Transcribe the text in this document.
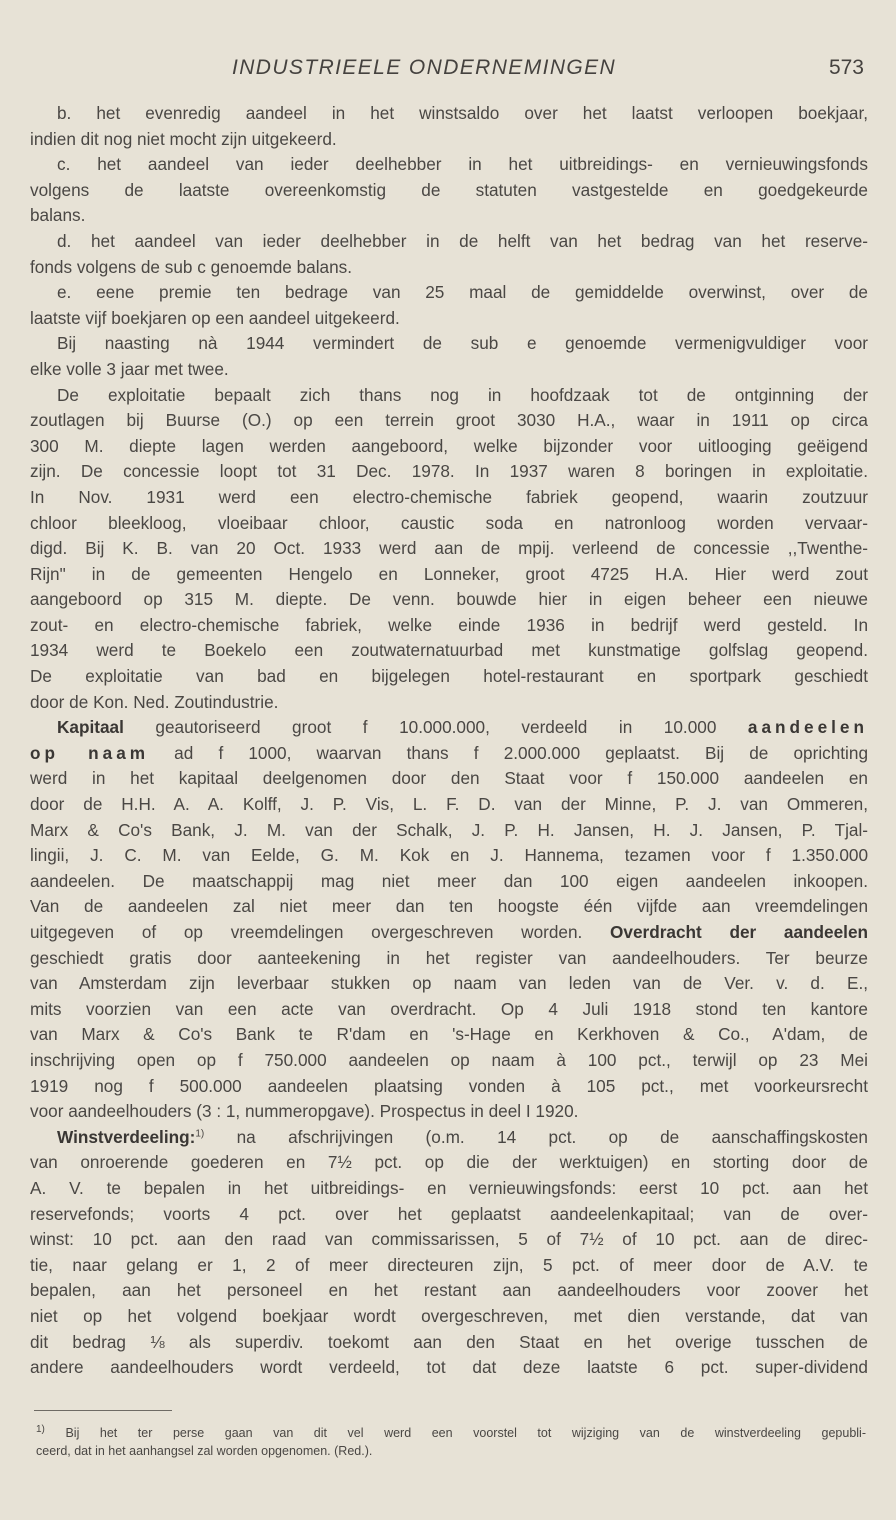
INDUSTRIEELE ONDERNEMINGEN	573
b. het evenredig aandeel in het winstsaldo over het laatst verloopen boekjaar,
indien dit nog niet mocht zijn uitgekeerd.
c. het aandeel van ieder deelhebber in het uitbreidings- en vernieuwingsfonds
volgens de laatste overeenkomstig de statuten vastgestelde en goedgekeurde
balans.
d. het aandeel van ieder deelhebber in de helft van het bedrag van het reserve-
fonds volgens de sub c genoemde balans.
e. eene premie ten bedrage van 25 maal de gemiddelde overwinst, over de
laatste vijf boekjaren op een aandeel uitgekeerd.
Bij naasting nà 1944 vermindert de sub e genoemde vermenigvuldiger voor
elke volle 3 jaar met twee.
De exploitatie bepaalt zich thans nog in hoofdzaak tot de ontginning der
zoutlagen bij Buurse (O.) op een terrein groot 3030 H.A., waar in 1911 op circa
300 M. diepte lagen werden aangeboord, welke bijzonder voor uitlooging geëigend
zijn. De concessie loopt tot 31 Dec. 1978. In 1937 waren 8 boringen in exploitatie.
In Nov. 1931 werd een electro-chemische fabriek geopend, waarin zoutzuur
chloor bleekloog, vloeibaar chloor, caustic soda en natronloog worden vervaar-
digd. Bij K. B. van 20 Oct. 1933 werd aan de mpij. verleend de concessie ,,Twenthe-
Rijn" in de gemeenten Hengelo en Lonneker, groot 4725 H.A. Hier werd zout
aangeboord op 315 M. diepte. De venn. bouwde hier in eigen beheer een nieuwe
zout- en electro-chemische fabriek, welke einde 1936 in bedrijf werd gesteld. In
1934 werd te Boekelo een zoutwaternatuurbad met kunstmatige golfslag geopend.
De exploitatie van bad en bijgelegen hotel-restaurant en sportpark geschiedt
door de Kon. Ned. Zoutindustrie.
Kapitaal geautoriseerd groot f 10.000.000, verdeeld in 10.000 aandeelen
op naam ad f 1000, waarvan thans f 2.000.000 geplaatst. Bij de oprichting
werd in het kapitaal deelgenomen door den Staat voor f 150.000 aandeelen en
door de H.H. A. A. Kolff, J. P. Vis, L. F. D. van der Minne, P. J. van Ommeren,
Marx & Co's Bank, J. M. van der Schalk, J. P. H. Jansen, H. J. Jansen, P. Tjal-
lingii, J. C. M. van Eelde, G. M. Kok en J. Hannema, tezamen voor f 1.350.000
aandeelen. De maatschappij mag niet meer dan 100 eigen aandeelen inkoopen.
Van de aandeelen zal niet meer dan ten hoogste één vijfde aan vreemdelingen
uitgegeven of op vreemdelingen overgeschreven worden. Overdracht der aandeelen
geschiedt gratis door aanteekening in het register van aandeelhouders. Ter beurze
van Amsterdam zijn leverbaar stukken op naam van leden van de Ver. v. d. E.,
mits voorzien van een acte van overdracht. Op 4 Juli 1918 stond ten kantore
van Marx & Co's Bank te R'dam en 's-Hage en Kerkhoven & Co., A'dam, de
inschrijving open op f 750.000 aandeelen op naam à 100 pct., terwijl op 23 Mei
1919 nog f 500.000 aandeelen plaatsing vonden à 105 pct., met voorkeursrecht
voor aandeelhouders (3 : 1, nummeropgave). Prospectus in deel I 1920.
Winstverdeeling:$^{1)}$ na afschrijvingen (o.m. 14 pct. op de aanschaffingskosten
van onroerende goederen en 7½ pct. op die der werktuigen) en storting door de
A. V. te bepalen in het uitbreidings- en vernieuwingsfonds: eerst 10 pct. aan het
reservefonds; voorts 4 pct. over het geplaatst aandeelenkapitaal; van de over-
winst: 10 pct. aan den raad van commissarissen, 5 of 7½ of 10 pct. aan de direc-
tie, naar gelang er 1, 2 of meer directeuren zijn, 5 pct. of meer door de A.V. te
bepalen, aan het personeel en het restant aan aandeelhouders voor zoover het
niet op het volgend boekjaar wordt overgeschreven, met dien verstande, dat van
dit bedrag ⅛ als superdiv. toekomt aan den Staat en het overige tusschen de
andere aandeelhouders wordt verdeeld, tot dat deze laatste 6 pct. super-dividend
$^{1)}$ Bij het ter perse gaan van dit vel werd een voorstel tot wijziging van de winstverdeeling gepubli-
ceerd, dat in het aanhangsel zal worden opgenomen. (Red.).
